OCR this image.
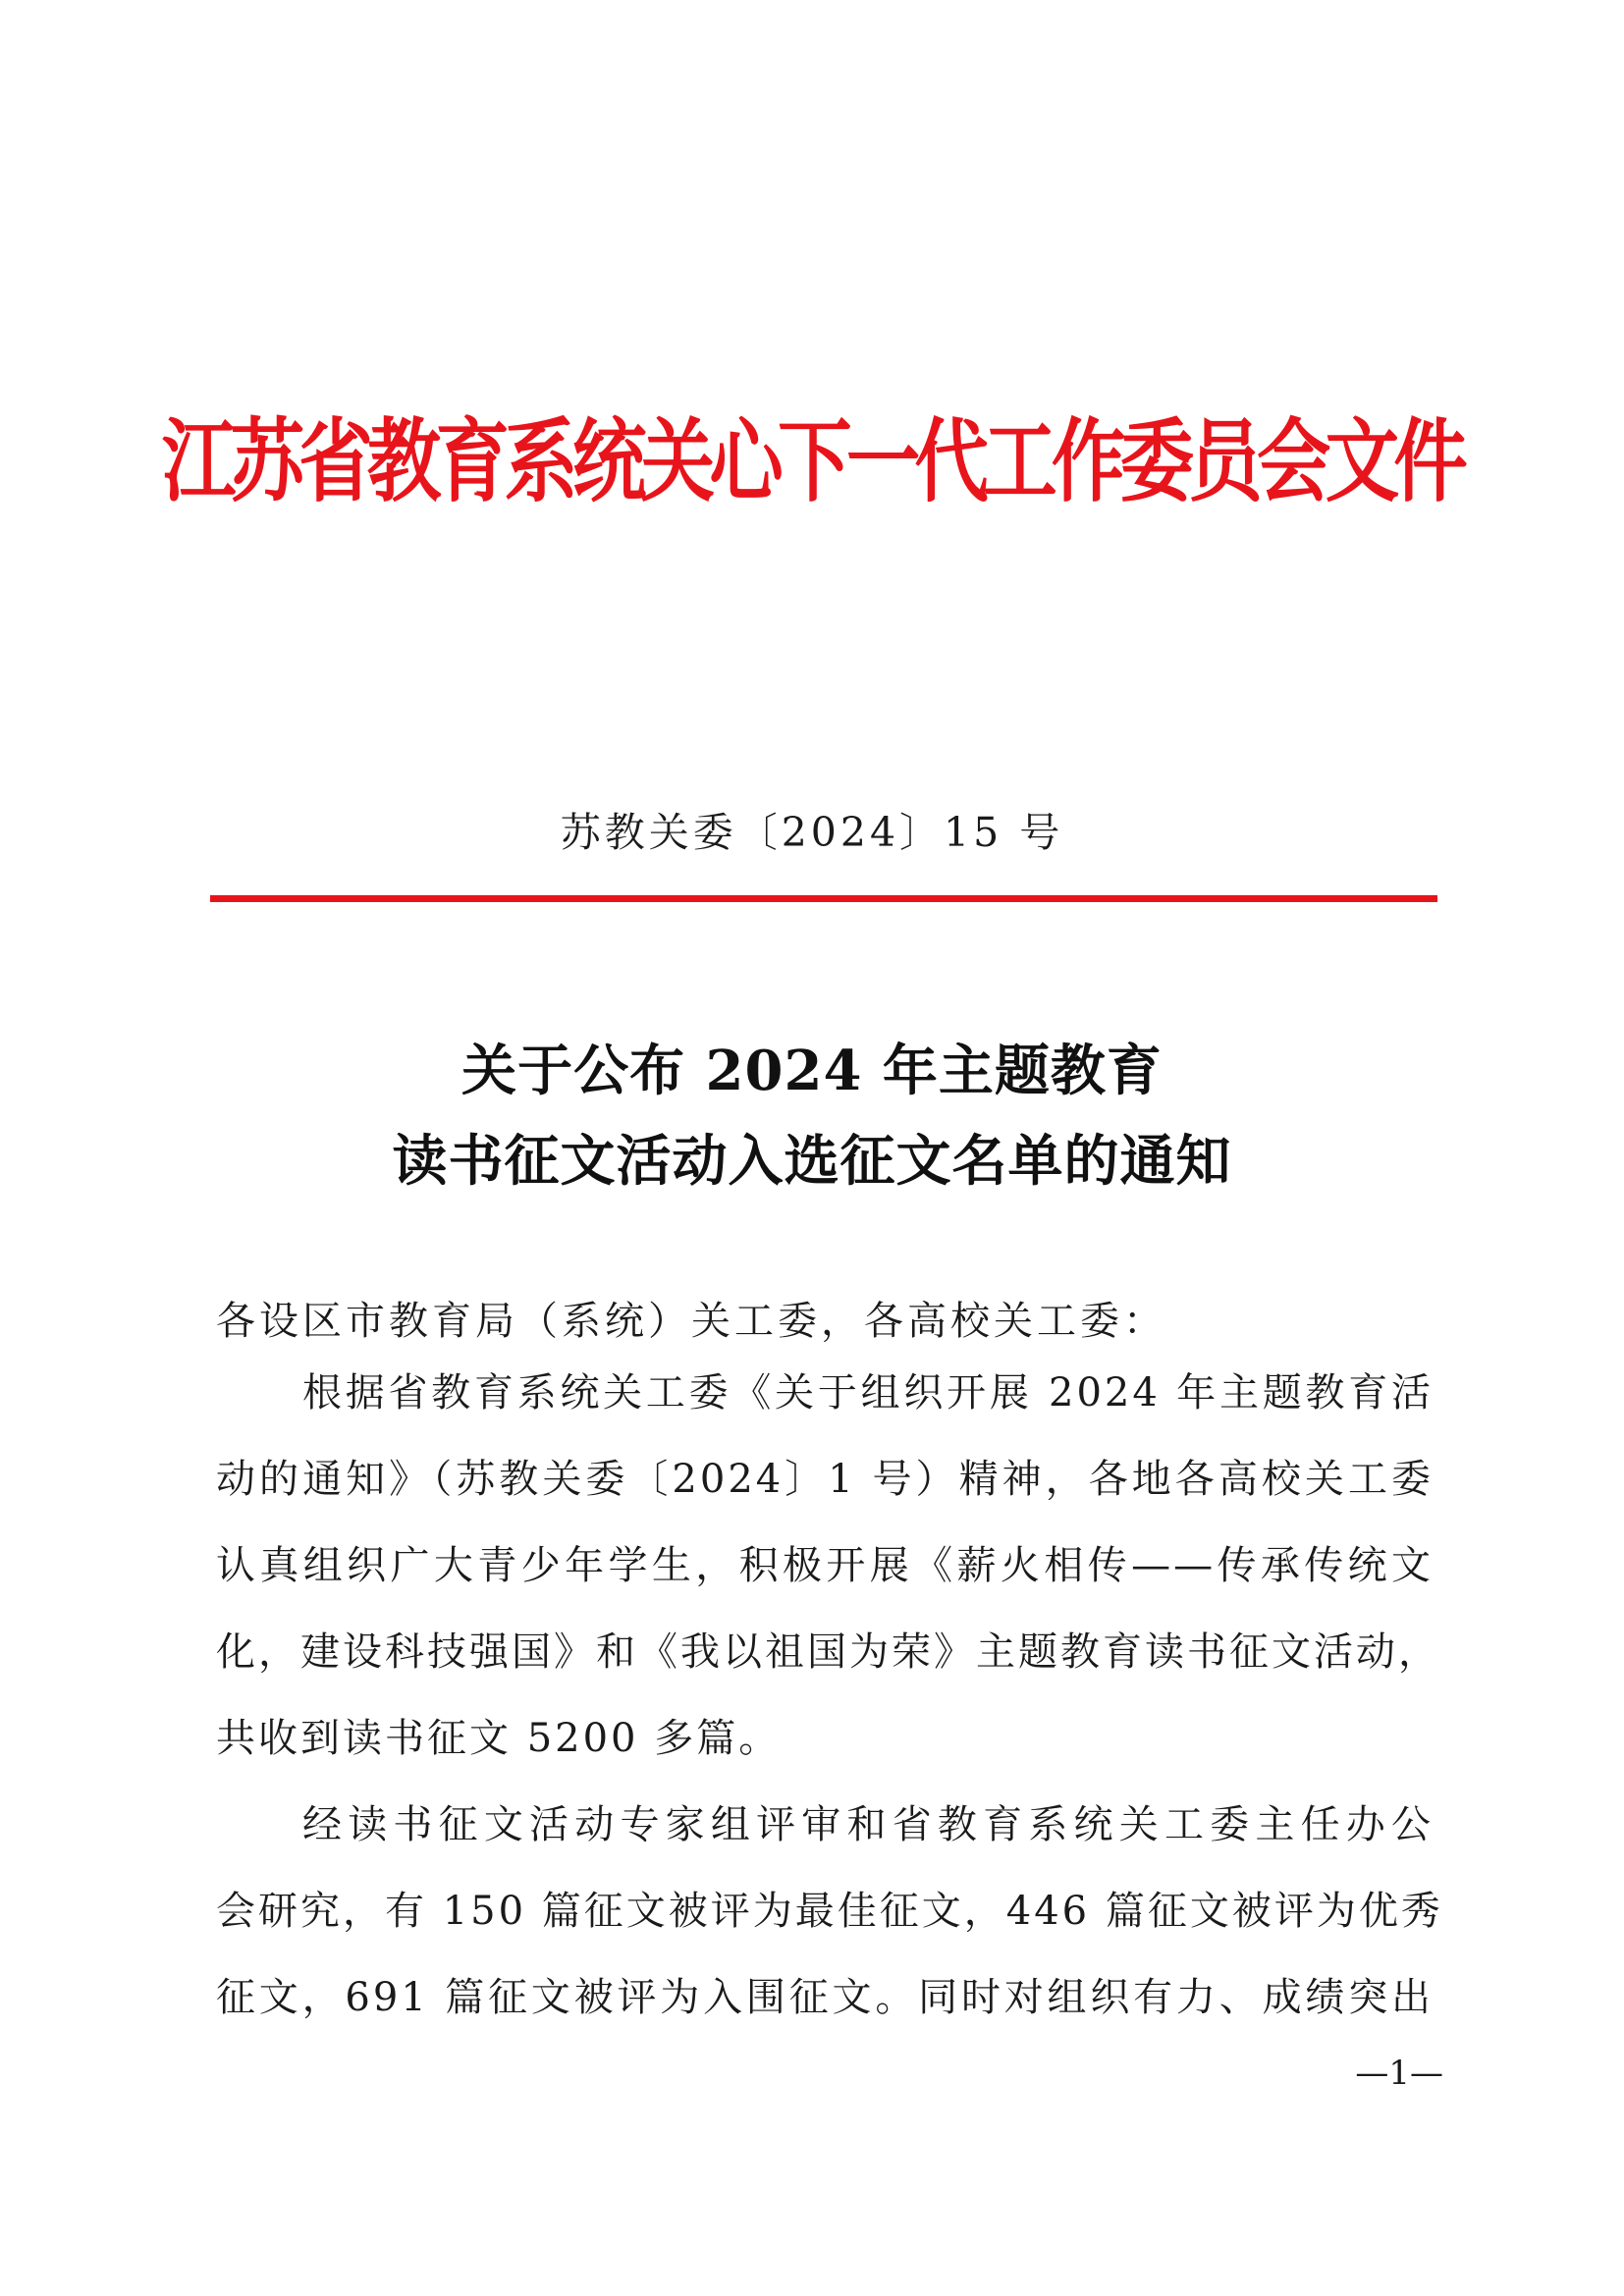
江苏省教育系统关心下一代工作委员会文件
苏教关委〔2024〕15 号
关于公布 2024 年主题教育
读书征文活动入选征文名单的通知
各设区市教育局（系统）关工委，各高校关工委：
根据省教育系统关工委《关于组织开展 2024 年主题教育活
动的通知》（苏教关委〔2024〕1 号）精神，各地各高校关工委
认真组织广大青少年学生，积极开展《薪火相传——传承传统文
化，建设科技强国》和《我以祖国为荣》主题教育读书征文活动，
共收到读书征文 5200 多篇。
经读书征文活动专家组评审和省教育系统关工委主任办公
会研究，有 150 篇征文被评为最佳征文，446 篇征文被评为优秀
征文，691 篇征文被评为入围征文。同时对组织有力、成绩突出
—1—
